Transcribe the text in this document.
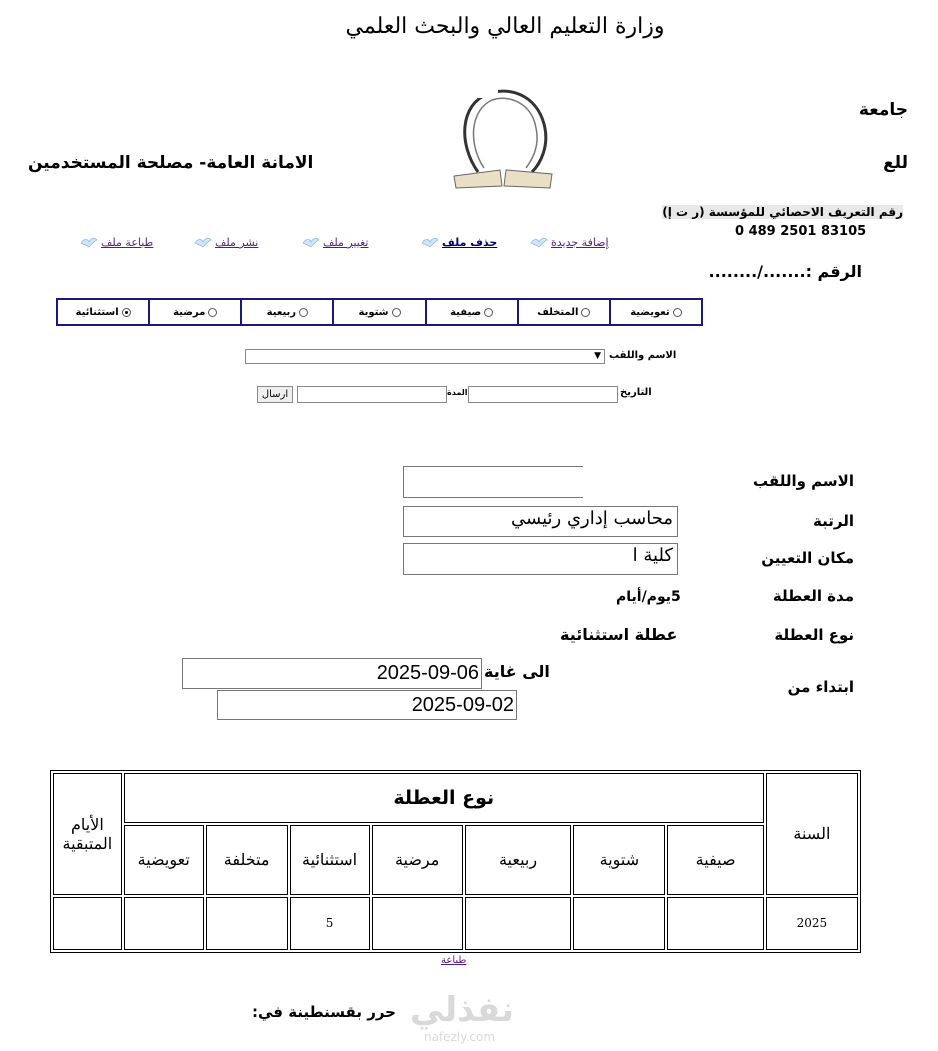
وزارة التعليم العالي والبحث العلمي
جامعة
للع
الامانة العامة- مصلحة المستخدمين
رقم التعريف الاحصائي للمؤسسة (ر ت إ)
0 489 2501 83105
الرقم :......./........
إضافة جديدة
حذف ملف
تغيير ملف
نشر ملف
طباعة ملف
تعويضية
المتخلف
صيفية
شتوية
ربيعية
مرضية
استثنائية
الاسم واللقب
▼
التاريخ
المدة
ارسال
الاسم واللقب
الرتبة
محاسب إداري رئيسي
مكان التعيين
كلية ا
مدة العطلة
5يوم/أيام
نوع العطلة
عطلة استثنائية
الى غاية
2025-09-06
ابتداء من
2025-09-02
السنة	نوع العطلة							الأيام المتبقية
	صيفية	شتوية	ربيعية	مرضية	استثنائية	متخلفة	تعويضية	
2025					5			
طباعة
نفذلي
nafezly.com
حرر بقسنطينة في:
